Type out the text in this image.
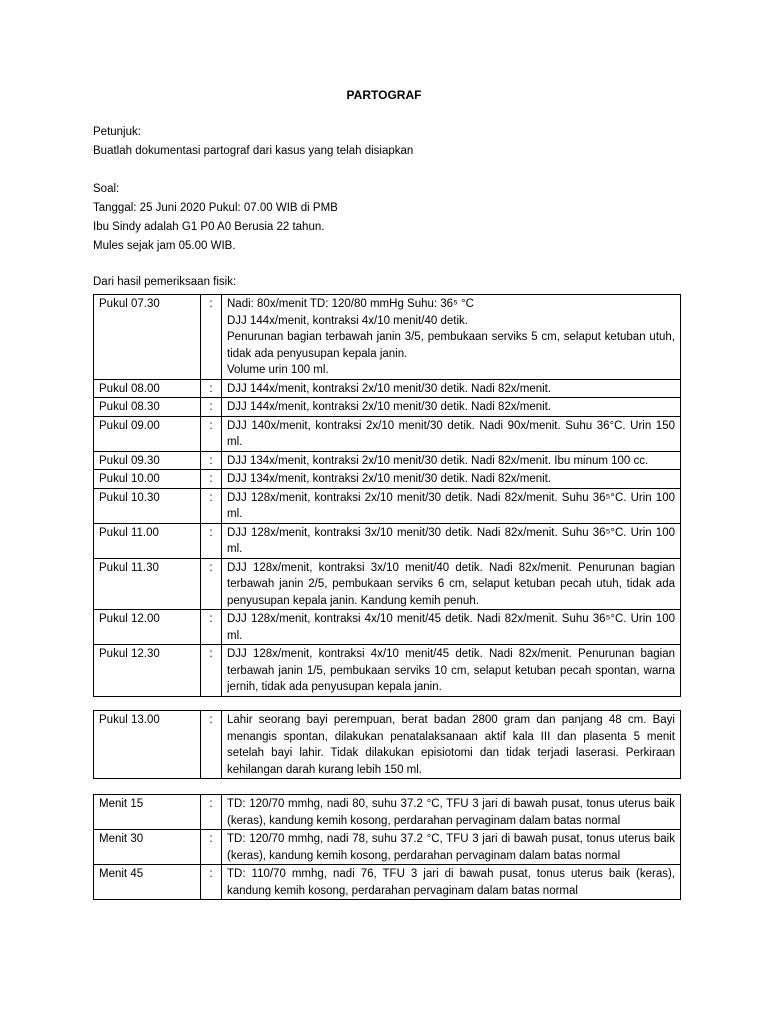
PARTOGRAF
Petunjuk:
Buatlah dokumentasi partograf dari kasus yang telah disiapkan
Soal:
Tanggal: 25 Juni 2020 Pukul: 07.00 WIB di PMB
Ibu Sindy adalah G1 P0 A0 Berusia 22 tahun.
Mules sejak jam 05.00 WIB.
Dari hasil pemeriksaan fisik:
Pukul 07.30	:	Nadi: 80x/menit TD: 120/80 mmHg Suhu: 36⁵ °C
DJJ 144x/menit, kontraksi 4x/10 menit/40 detik.
Penurunan bagian terbawah janin 3/5, pembukaan serviks 5 cm, selaput ketuban utuh, tidak ada penyusupan kepala janin.
Volume urin 100 ml.

Pukul 08.00	:	DJJ 144x/menit, kontraksi 2x/10 menit/30 detik. Nadi 82x/menit.

Pukul 08.30	:	DJJ 144x/menit, kontraksi 2x/10 menit/30 detik. Nadi 82x/menit.

Pukul 09.00	:	DJJ 140x/menit, kontraksi 2x/10 menit/30 detik. Nadi 90x/menit. Suhu 36°C. Urin 150 ml.

Pukul 09.30	:	DJJ 134x/menit, kontraksi 2x/10 menit/30 detik. Nadi 82x/menit. Ibu minum 100 cc.

Pukul 10.00	:	DJJ 134x/menit, kontraksi 2x/10 menit/30 detik. Nadi 82x/menit.

Pukul 10.30	:	DJJ 128x/menit, kontraksi 2x/10 menit/30 detik. Nadi 82x/menit. Suhu 36⁵°C. Urin 100 ml.

Pukul 11.00	:	DJJ 128x/menit, kontraksi 3x/10 menit/30 detik. Nadi 82x/menit. Suhu 36⁵°C. Urin 100 ml.

Pukul 11.30	:	DJJ 128x/menit, kontraksi 3x/10 menit/40 detik. Nadi 82x/menit. Penurunan bagian terbawah janin 2/5, pembukaan serviks 6 cm, selaput ketuban pecah utuh, tidak ada penyusupan kepala janin. Kandung kemih penuh.

Pukul 12.00	:	DJJ 128x/menit, kontraksi 4x/10 menit/45 detik. Nadi 82x/menit. Suhu 36⁵°C. Urin 100 ml.

Pukul 12.30	:	DJJ 128x/menit, kontraksi 4x/10 menit/45 detik. Nadi 82x/menit. Penurunan bagian terbawah janin 1/5, pembukaan serviks 10 cm, selaput ketuban pecah spontan, warna jernih, tidak ada penyusupan kepala janin.
Pukul 13.00	:	Lahir seorang bayi perempuan, berat badan 2800 gram dan panjang 48 cm. Bayi menangis spontan, dilakukan penatalaksanaan aktif kala III dan plasenta 5 menit setelah bayi lahir. Tidak dilakukan episiotomi dan tidak terjadi laserasi. Perkiraan kehilangan darah kurang lebih 150 ml.
Menit 15	:	TD: 120/70 mmhg, nadi 80, suhu 37.2 °C, TFU 3 jari di bawah pusat, tonus uterus baik (keras), kandung kemih kosong, perdarahan pervaginam dalam batas normal

Menit 30	:	TD: 120/70 mmhg, nadi 78, suhu 37.2 °C, TFU 3 jari di bawah pusat, tonus uterus baik (keras), kandung kemih kosong, perdarahan pervaginam dalam batas normal

Menit 45	:	TD: 110/70 mmhg, nadi 76, TFU 3 jari di bawah pusat, tonus uterus baik (keras), kandung kemih kosong, perdarahan pervaginam dalam batas normal
